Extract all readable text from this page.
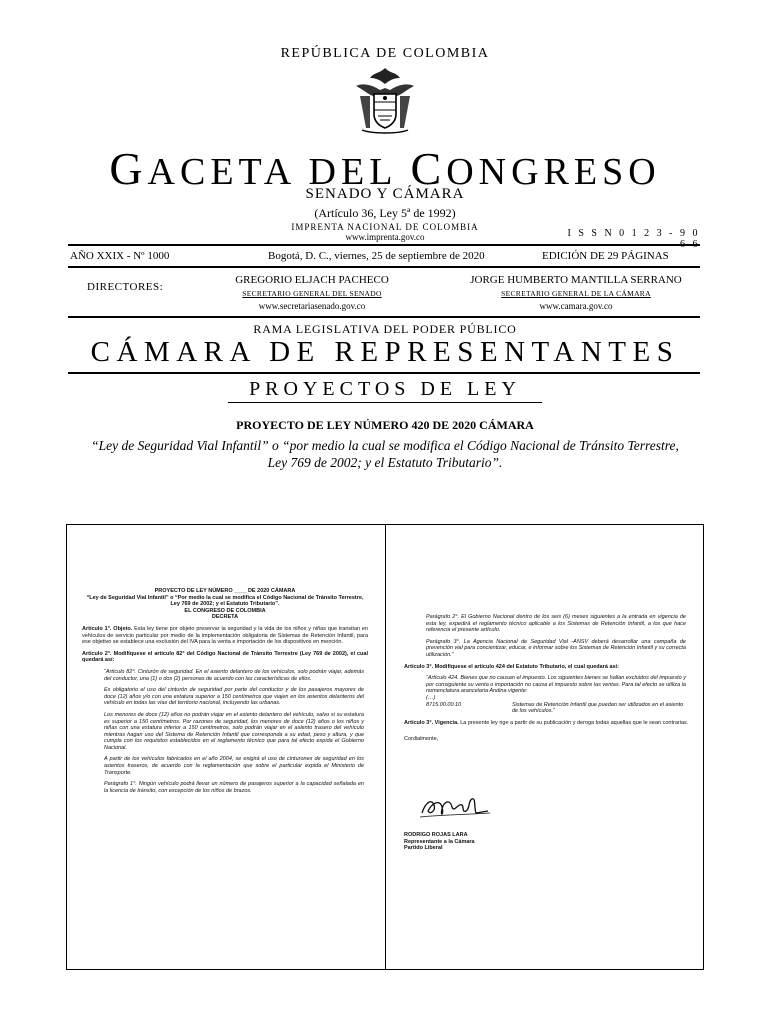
REPÚBLICA DE COLOMBIA
GACETA DEL CONGRESO
SENADO Y CÁMARA
(Artículo 36, Ley 5ª de 1992)
IMPRENTA NACIONAL DE COLOMBIA
www.imprenta.gov.co	I S S N 0 1 2 3 - 9 0
AÑO XXIX - Nº 1000	Bogotá, D. C., viernes, 25 de septiembre de 2020	EDICIÓN DE 29 PÁGINAS
DIRECTORES:
GREGORIO ELJACH PACHECO
SECRETARIO GENERAL DEL SENADO
www.secretariasenado.gov.co
JORGE HUMBERTO MANTILLA SERRANO
SECRETARIO GENERAL DE LA CÁMARA
www.camara.gov.co
RAMA LEGISLATIVA DEL PODER PÚBLICO
CÁMARA DE REPRESENTANTES
PROYECTOS DE LEY
PROYECTO DE LEY NÚMERO 420 DE 2020 CÁMARA
“Ley de Seguridad Vial Infantil” o “por medio la cual se modifica el Código Nacional de Tránsito Terrestre, Ley 769 de 2002; y el Estatuto Tributario”.

PROYECTO DE LEY NÚMERO ____ DE 2020 CÁMARA

“Ley de Seguridad Vial Infantil” o “Por medio la cual se modifica el Código Nacional de Tránsito Terrestre, Ley 769 de 2002; y el Estatuto Tributario”.

EL CONGRESO DE COLOMBIA

DECRETA

Artículo 1°. Objeto. Esta ley tiene por objeto preservar la seguridad y la vida de los niños y niñas que transitan en vehículos de servicio particular por medio de la implementación obligatoria de Sistemas de Retención Infantil, para ese objetivo se establece una exclusión del IVA para la venta e importación de los dispositivos en mención.

Artículo 2°. Modifíquese el artículo 82° del Código Nacional de Tránsito Terrestre (Ley 769 de 2002), el cual quedará así:

“Artículo 82°. Cinturón de seguridad. En el asiento delantero de los vehículos, solo podrán viajar, además del conductor, una (1) o dos (2) personas de acuerdo con las características de ellos.

Es obligatorio el uso del cinturón de seguridad por parte del conductor y de los pasajeros mayores de doce (12) años y/o con una estatura superior a 150 centímetros que viajen en los asientos delanteros del vehículo en todas las vías del territorio nacional, incluyendo las urbanas.

Los menores de doce (12) años no podrán viajar en el asiento delantero del vehículo, salvo si su estatura es superior a 150 centímetros. Por razones de seguridad, los menores de doce (12) años o los niños y niñas con una estatura inferior a 150 centímetros, solo podrán viajar en el asiento trasero del vehículo mientras hagan uso del Sistema de Retención Infantil que corresponda a su edad, peso y altura, y que cumpla con los requisitos establecidos en el reglamento técnico que para tal efecto expida el Gobierno Nacional.

A partir de los vehículos fabricados en el año 2004, se exigirá el uso de cinturones de seguridad en los asientos traseros, de acuerdo con la reglamentación que sobre el particular expida el Ministerio de Transporte.

Parágrafo 1°. Ningún vehículo podrá llevar un número de pasajeros superior a la capacidad señalada en la licencia de tránsito, con excepción de los niños de brazos.

Parágrafo 2°. El Gobierno Nacional dentro de los seis (6) meses siguientes a la entrada en vigencia de esta ley, expedirá el reglamento técnico aplicable a los Sistemas de Retención Infantil, a los que hace referencia el presente artículo.

Parágrafo 3°. La Agencia Nacional de Seguridad Vial -ANSV deberá desarrollar una campaña de prevención vial para concientizar, educar, e informar sobre los Sistemas de Retención Infantil y su correcta utilización.”

Artículo 3°. Modifíquese el artículo 424 del Estatuto Tributario, el cual quedará así:

“Artículo 424. Bienes que no causan el impuesto. Los siguientes bienes se hallan excluidos del impuesto y por consiguiente su venta o importación no causa el impuesto sobre las ventas. Para tal efecto se utiliza la nomenclatura arancelaria Andina vigente:

(…)

8715.00.00.10	Sistemas de Retención Infantil que puedan ser utilizados en el asiento de los vehículos.”

Artículo 3°. Vigencia. La presente ley rige a partir de su publicación y deroga todas aquellas que le sean contrarias.

Cordialmente,

RODRIGO ROJAS LARA
Representante a la Cámara
Partido Liberal
